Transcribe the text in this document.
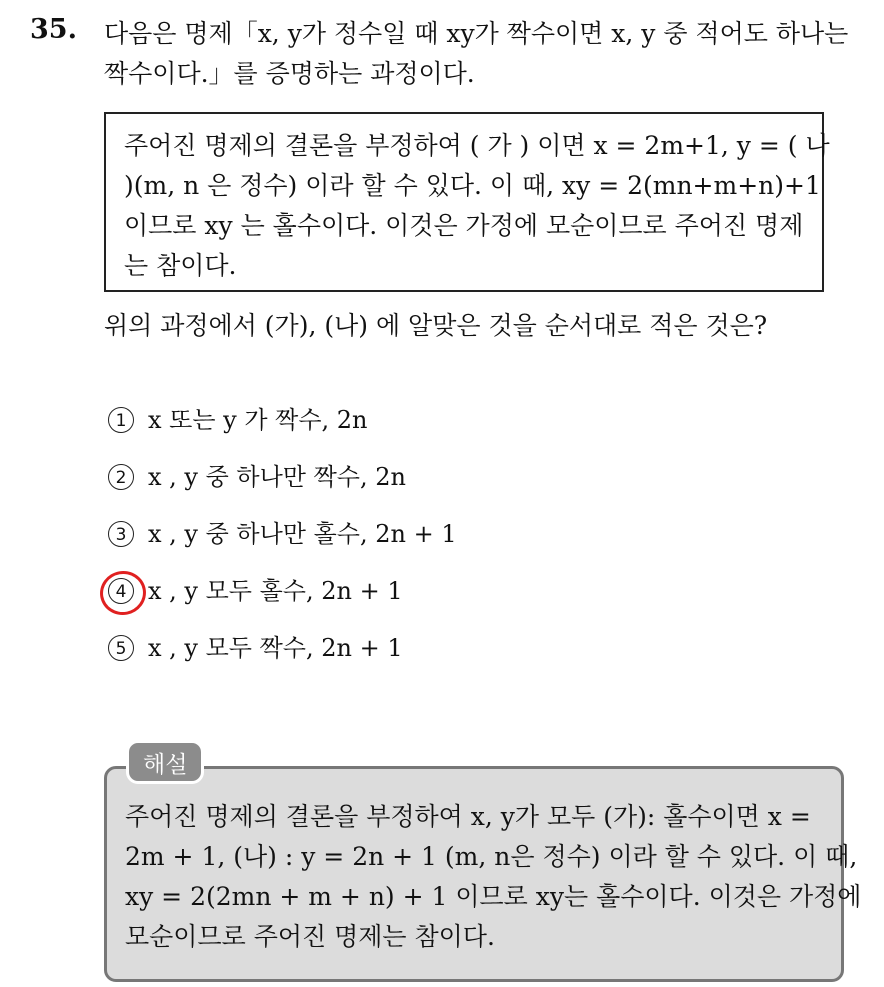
35. 다음은 명제「x, y가 정수일 때 xy가 짝수이면 x, y 중 적어도 하나는
짝수이다.」를 증명하는 과정이다.
주어진 명제의 결론을 부정하여 ( 가 ) 이면 x = 2m+1, y = ( 나
)(m, n 은 정수) 이라 할 수 있다. 이 때, xy = 2(mn+m+n)+1
이므로 xy 는 홀수이다. 이것은 가정에 모순이므로 주어진 명제
는 참이다.
위의 과정에서 (가), (나) 에 알맞은 것을 순서대로 적은 것은?
1 x 또는 y 가 짝수, 2n
2 x , y 중 하나만 짝수, 2n
3 x , y 중 하나만 홀수, 2n + 1
4 x , y 모두 홀수, 2n + 1
5 x , y 모두 짝수, 2n + 1
주어진 명제의 결론을 부정하여 x, y가 모두 (가): 홀수이면 x =
2m + 1, (나) : y = 2n + 1 (m, n은 정수) 이라 할 수 있다. 이 때,
xy = 2(2mn + m + n) + 1 이므로 xy는 홀수이다. 이것은 가정에
모순이므로 주어진 명제는 참이다.
해설
